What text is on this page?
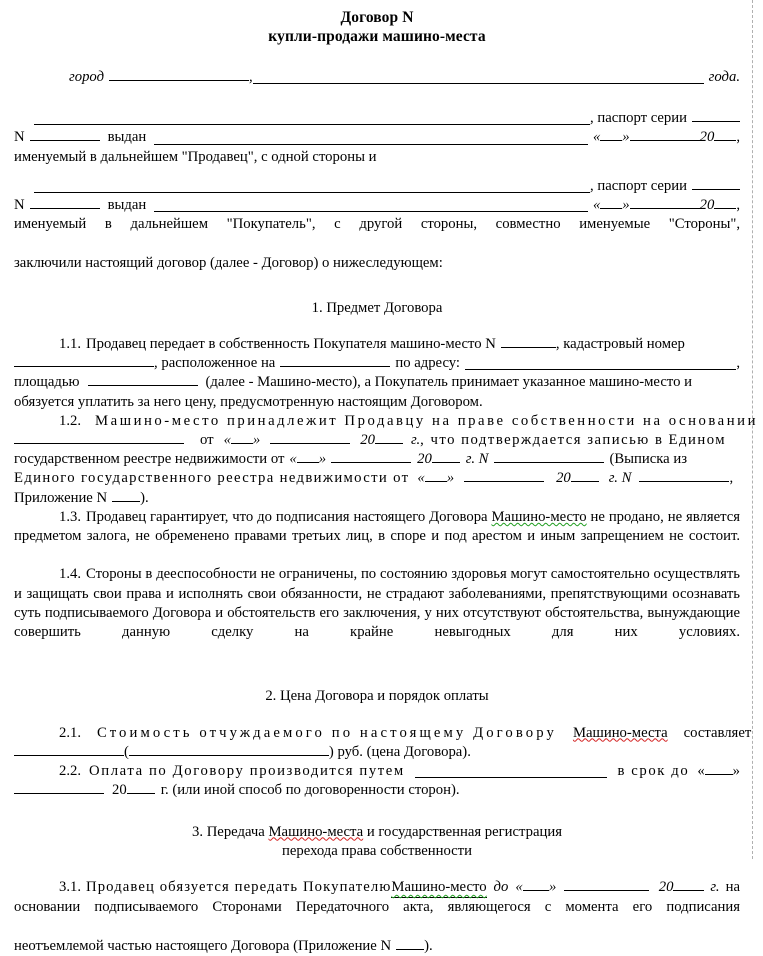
Договор N
купли-продажи машино-места
город	,	года.
, паспорт серии
N	выдан	« »	20 ,
именуемый в дальнейшем "Продавец", с одной стороны и
, паспорт серии
N	выдан	« »	20 ,
именуемый в дальнейшем "Покупатель", с другой стороны, совместно именуемые "Стороны",
заключили настоящий договор (далее - Договор) о нижеследующем:
1. Предмет Договора
1.1. Продавец передает в собственность Покупателя машино-место N	, кадастровый номер
, расположенное на	по адресу:	,
площадью	(далее - Машино-место), а Покупатель принимает указанное машино-место и
обязуется уплатить за него цену, предусмотренную настоящим Договором.
1.2. Машино-место принадлежит Продавцу на праве собственности на основании
от « »	20 г. , что подтверждается записью в Едином
государственном реестре недвижимости от « »	20 г. N	(Выписка из
Единого государственного реестра недвижимости от « »	20	г. N	,
Приложение N ).
1.3. Продавец гарантирует, что до подписания настоящего Договора Машино-место не продано, не является предметом залога, не обременено правами третьих лиц, в споре и под арестом и иным запрещением не состоит.
1.4. Стороны в дееспособности не ограничены, по состоянию здоровья могут самостоятельно осуществлять и защищать свои права и исполнять свои обязанности, не страдают заболеваниями, препятствующими осознавать суть подписываемого Договора и обстоятельств его заключения, у них отсутствуют обстоятельства, вынуждающие совершить данную сделку на крайне невыгодных для них условиях.
2. Цена Договора и порядок оплаты
2.1. Стоимость отчуждаемого по настоящему Договору Машино-места составляет
(	) руб. (цена Договора).
2.2. Оплата по Договору производится путем	в срок до « »
20 г. (или иной способ по договоренности сторон).
3. Передача Машино-места и государственная регистрация
перехода права собственности
3.1. Продавец обязуется передать Покупателю Машино-место до « »	20	г. на
основании подписываемого Сторонами Передаточного акта, являющегося с момента его подписания
неотъемлемой частью настоящего Договора (Приложение N ).
